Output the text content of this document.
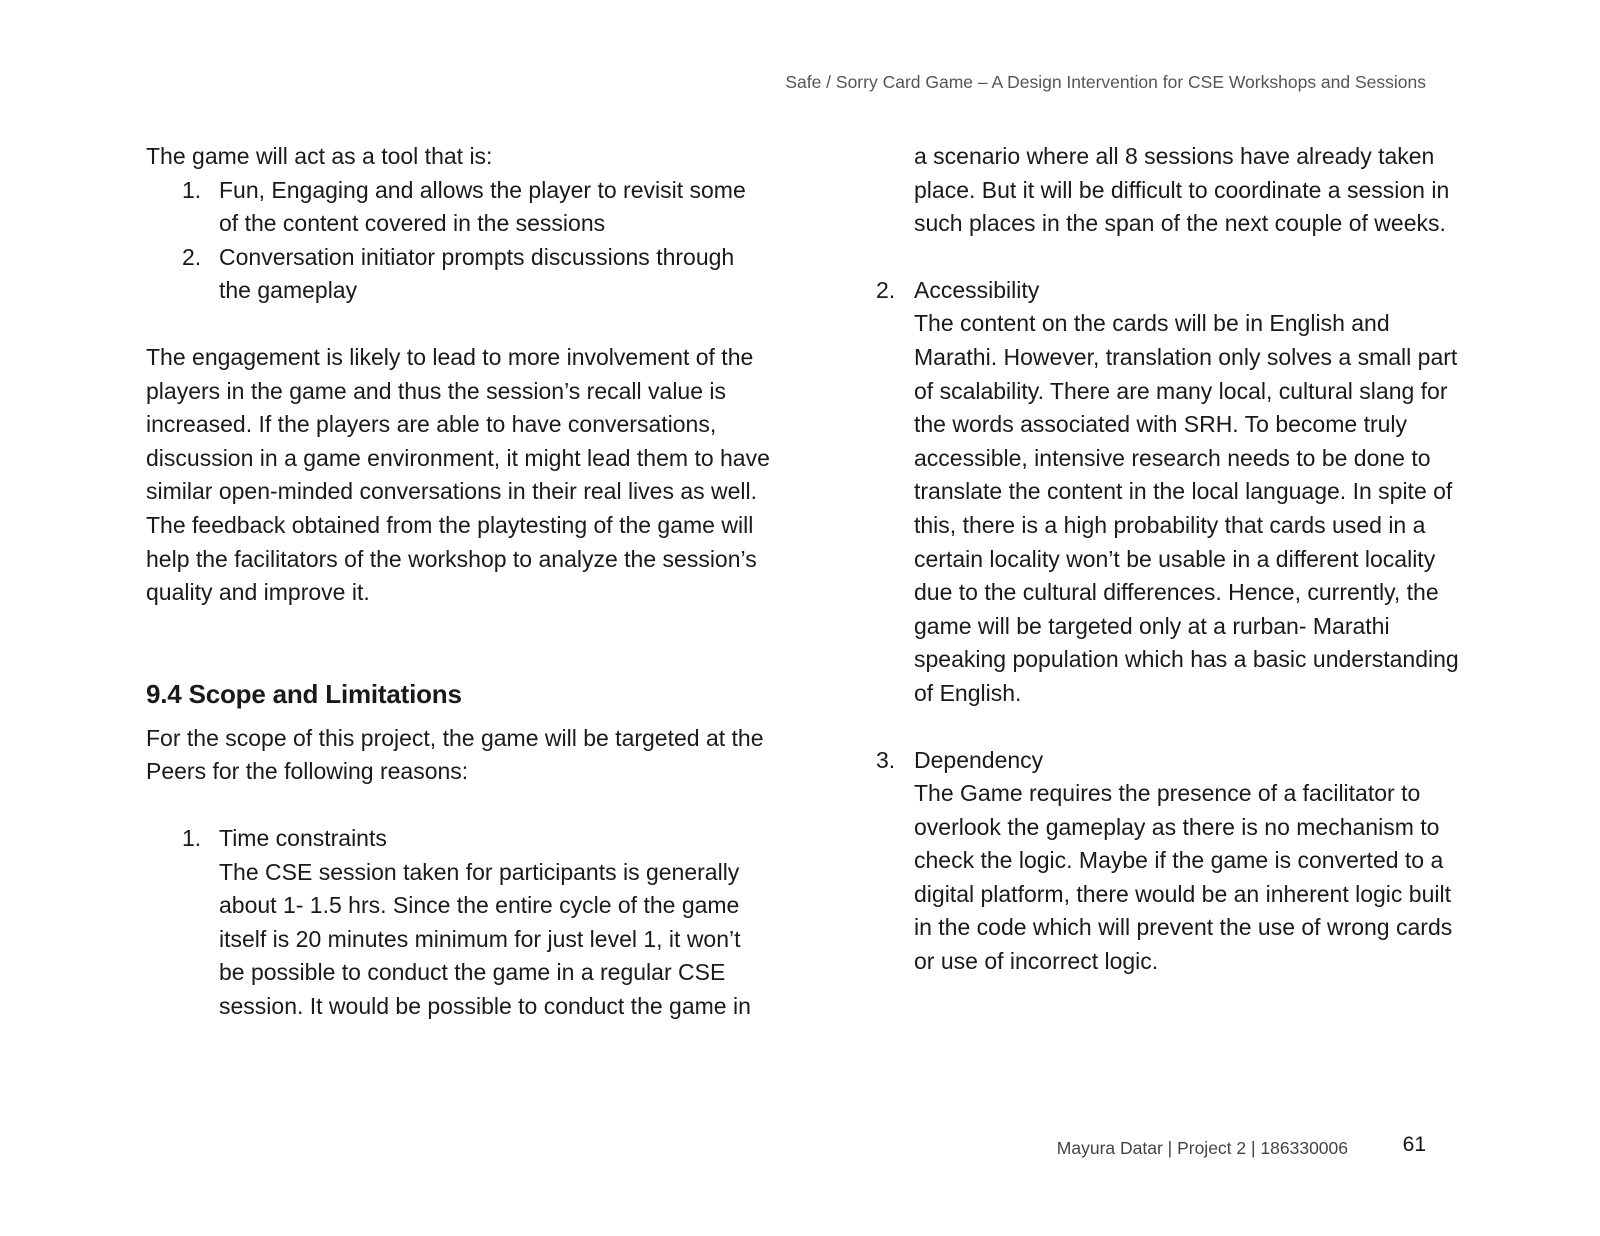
Safe / Sorry Card Game – A Design Intervention for CSE Workshops and Sessions

The game will act as a tool that is:

1. Fun, Engaging and allows the player to revisit some of the content covered in the sessions
2. Conversation initiator prompts discussions through the gameplay

The engagement is likely to lead to more involvement of the players in the game and thus the session’s recall value is increased. If the players are able to have conversations, discussion in a game environment, it might lead them to have similar open-minded conversations in their real lives as well.

The feedback obtained from the playtesting of the game will help the facilitators of the workshop to analyze the session’s quality and improve it.

9.4 Scope and Limitations

For the scope of this project, the game will be targeted at the Peers for the following reasons:

1. Time constraints

The CSE session taken for participants is generally about 1- 1.5 hrs. Since the entire cycle of the game itself is 20 minutes minimum for just level 1, it won’t be possible to conduct the game in a regular CSE session. It would be possible to conduct the game in

a scenario where all 8 sessions have already taken place. But it will be difficult to coordinate a session in such places in the span of the next couple of weeks.

2. Accessibility

The content on the cards will be in English and Marathi. However, translation only solves a small part of scalability. There are many local, cultural slang for the words associated with SRH. To become truly accessible, intensive research needs to be done to translate the content in the local language. In spite of this, there is a high probability that cards used in a certain locality won’t be usable in a different locality due to the cultural differences. Hence, currently, the game will be targeted only at a rurban- Marathi speaking population which has a basic understanding of English.

3. Dependency

The Game requires the presence of a facilitator to overlook the gameplay as there is no mechanism to check the logic. Maybe if the game is converted to a digital platform, there would be an inherent logic built in the code which will prevent the use of wrong cards or use of incorrect logic.

Mayura Datar | Project 2 | 186330006	61
